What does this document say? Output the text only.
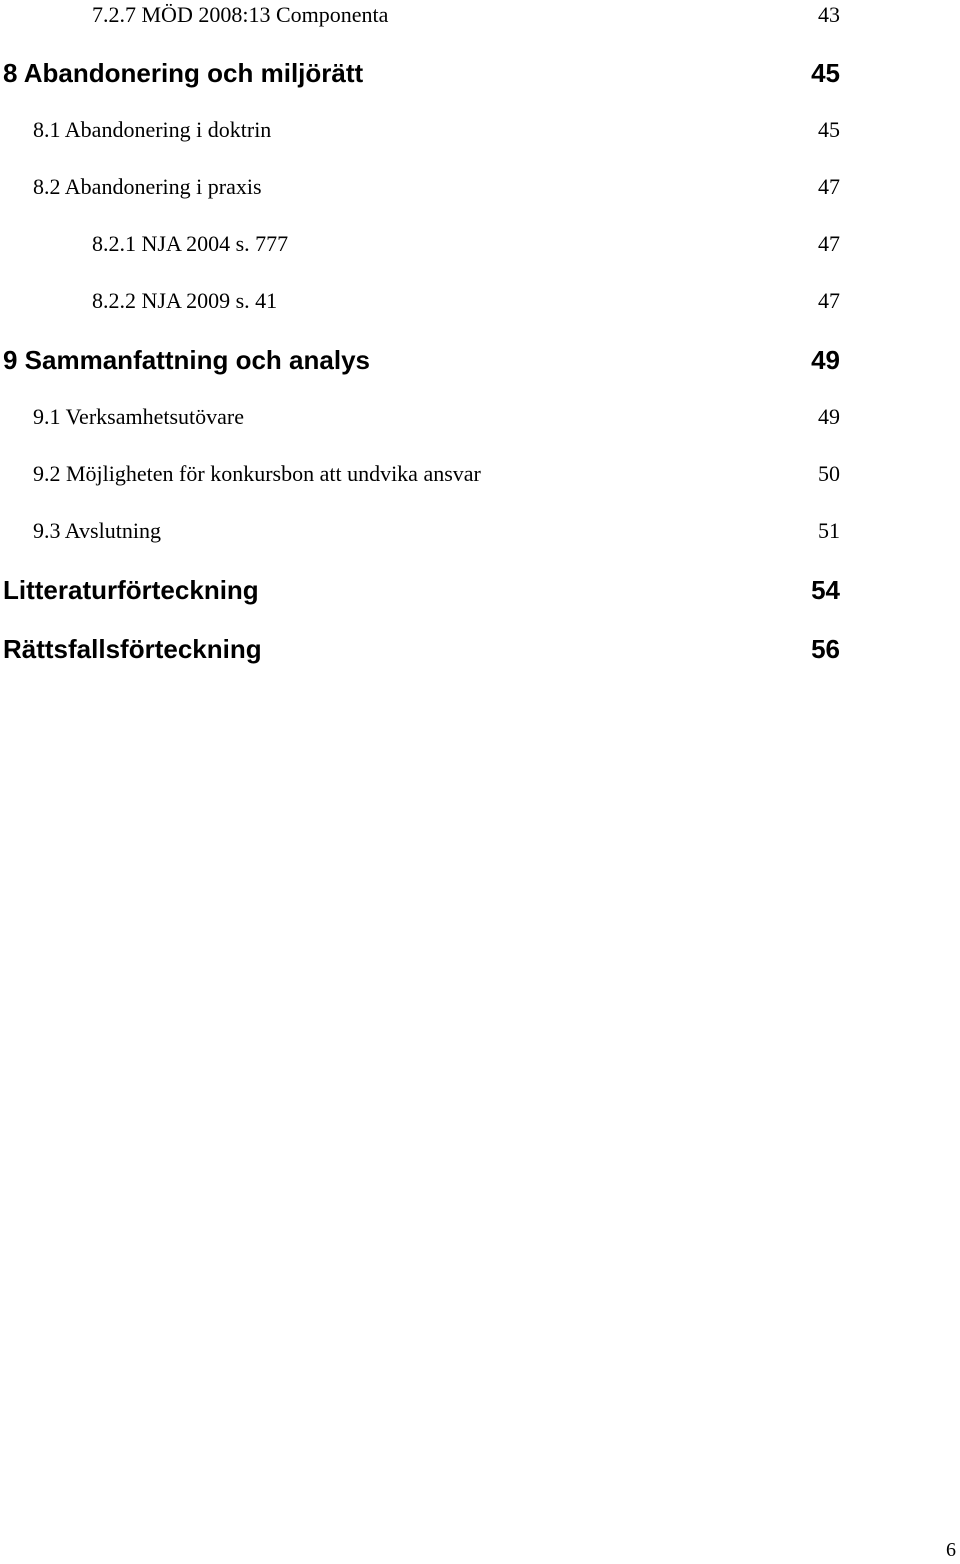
7.2.7 MÖD 2008:13 Componenta	43
8 Abandonering och miljörätt	45
8.1 Abandonering i doktrin	45
8.2 Abandonering i praxis	47
8.2.1 NJA 2004 s. 777	47
8.2.2 NJA 2009 s. 41	47
9 Sammanfattning och analys	49
9.1 Verksamhetsutövare	49
9.2 Möjligheten för konkursbon att undvika ansvar	50
9.3 Avslutning	51
Litteraturförteckning	54
Rättsfallsförteckning	56
6
